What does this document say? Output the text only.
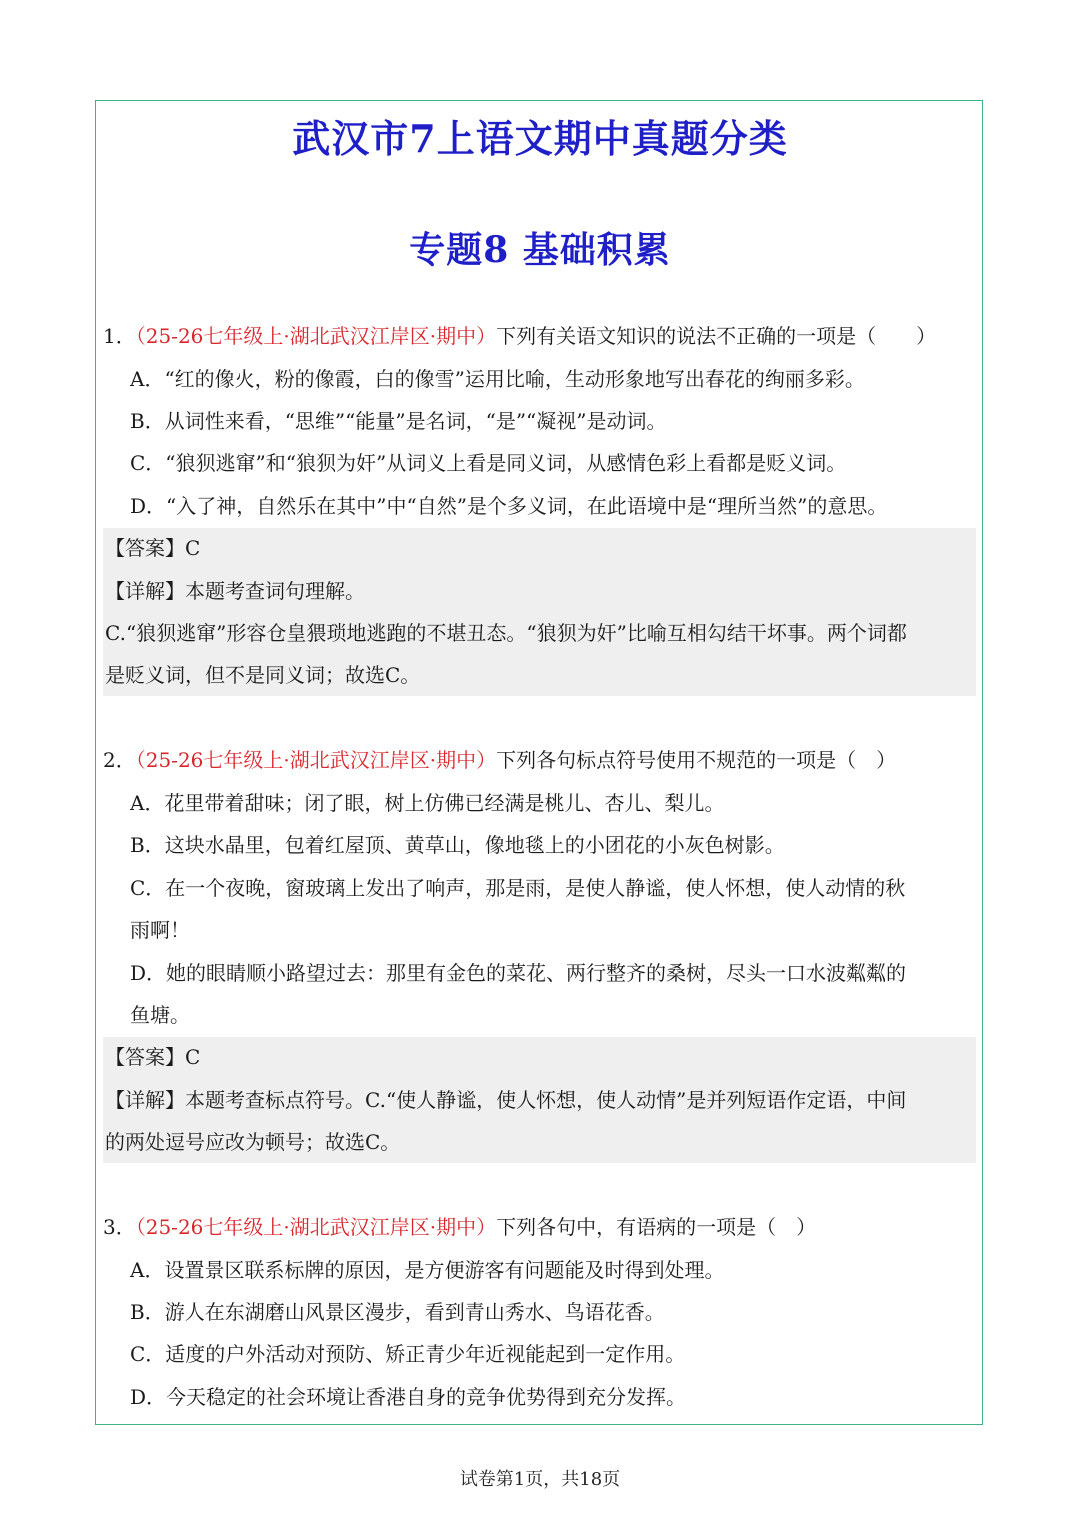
武汉市7上语文期中真题分类
专题8 基础积累
1．（25-26七年级上·湖北武汉江岸区·期中）下列有关语文知识的说法不正确的一项是（　　）
A．“红的像火，粉的像霞，白的像雪”运用比喻，生动形象地写出春花的绚丽多彩。
B．从词性来看，“思维”“能量”是名词，“是”“凝视”是动词。
C．“狼狈逃窜”和“狼狈为奸”从词义上看是同义词，从感情色彩上看都是贬义词。
D．“入了神，自然乐在其中”中“自然”是个多义词，在此语境中是“理所当然”的意思。
【答案】C
【详解】本题考查词句理解。
C.“狼狈逃窜”形容仓皇猥琐地逃跑的不堪丑态。“狼狈为奸”比喻互相勾结干坏事。两个词都
是贬义词，但不是同义词；故选C。
2．（25-26七年级上·湖北武汉江岸区·期中）下列各句标点符号使用不规范的一项是（　）
A．花里带着甜味；闭了眼，树上仿佛已经满是桃儿、杏儿、梨儿。
B．这块水晶里，包着红屋顶、黄草山，像地毯上的小团花的小灰色树影。
C．在一个夜晚，窗玻璃上发出了响声，那是雨，是使人静谧，使人怀想，使人动情的秋
雨啊！
D．她的眼睛顺小路望过去：那里有金色的菜花、两行整齐的桑树，尽头一口水波粼粼的
鱼塘。
【答案】C
【详解】本题考查标点符号。C.“使人静谧，使人怀想，使人动情”是并列短语作定语，中间
的两处逗号应改为顿号；故选C。
3．（25-26七年级上·湖北武汉江岸区·期中）下列各句中，有语病的一项是（　）
A．设置景区联系标牌的原因，是方便游客有问题能及时得到处理。
B．游人在东湖磨山风景区漫步，看到青山秀水、鸟语花香。
C．适度的户外活动对预防、矫正青少年近视能起到一定作用。
D．今天稳定的社会环境让香港自身的竞争优势得到充分发挥。
试卷第1页，共18页
